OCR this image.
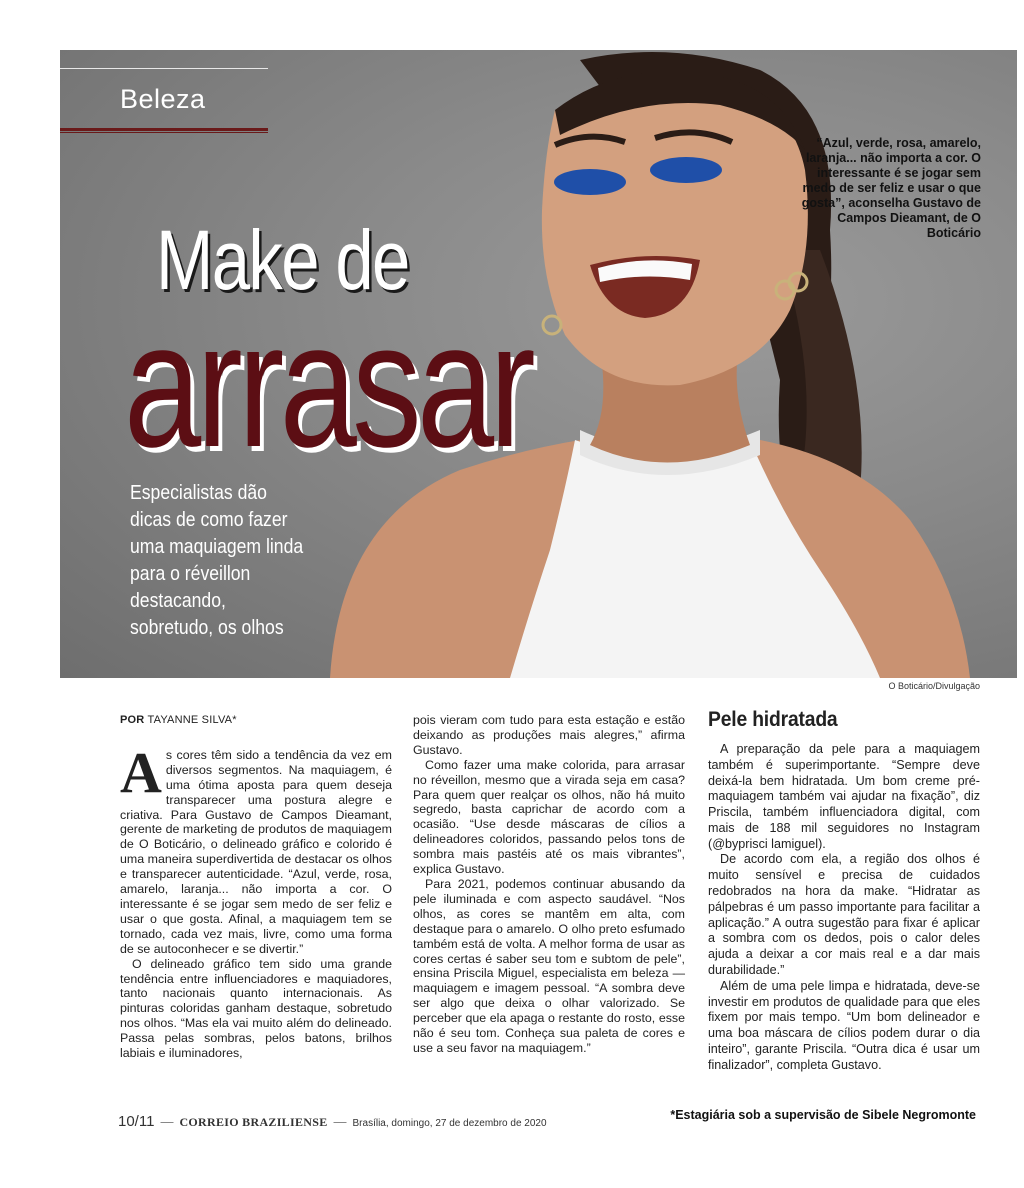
Beleza
Make de
arrasar
Especialistas dão dicas de como fazer uma maquiagem linda para o réveillon destacando, sobretudo, os olhos
“Azul, verde, rosa, amarelo, laranja... não importa a cor. O interessante é se jogar sem medo de ser feliz e usar o que gosta”, aconselha Gustavo de Campos Dieamant, de O Boticário
O Boticário/Divulgação
POR TAYANNE SILVA*

As cores têm sido a tendência da vez em diversos segmentos. Na maquiagem, é uma ótima aposta para quem deseja transparecer uma postura alegre e criativa. Para Gustavo de Campos Dieamant, gerente de marketing de produtos de maquiagem de O Boticário, o delineado gráfico e colorido é uma maneira superdivertida de destacar os olhos e transparecer autenticidade. “Azul, verde, rosa, amarelo, laranja... não importa a cor. O interessante é se jogar sem medo de ser feliz e usar o que gosta. Afinal, a maquiagem tem se tornado, cada vez mais, livre, como uma forma de se autoconhecer e se divertir.”

O delineado gráfico tem sido uma grande tendência entre influenciadores e maquiadores, tanto nacionais quanto internacionais. As pinturas coloridas ganham destaque, sobretudo nos olhos. “Mas ela vai muito além do delineado. Passa pelas sombras, pelos batons, brilhos labiais e iluminadores,

pois vieram com tudo para esta estação e estão deixando as produções mais alegres,” afirma Gustavo.

Como fazer uma make colorida, para arrasar no réveillon, mesmo que a virada seja em casa? Para quem quer realçar os olhos, não há muito segredo, basta caprichar de acordo com a ocasião. “Use desde máscaras de cílios a delineadores coloridos, passando pelos tons de sombra mais pastéis até os mais vibrantes”, explica Gustavo.

Para 2021, podemos continuar abusando da pele iluminada e com aspecto saudável. “Nos olhos, as cores se mantêm em alta, com destaque para o amarelo. O olho preto esfumado também está de volta. A melhor forma de usar as cores certas é saber seu tom e subtom de pele”, ensina Priscila Miguel, especialista em beleza — maquiagem e imagem pessoal. “A sombra deve ser algo que deixa o olhar valorizado. Se perceber que ela apaga o restante do rosto, esse não é seu tom. Conheça sua paleta de cores e use a seu favor na maquiagem.”

Pele hidratada

A preparação da pele para a maquiagem também é superimportante. “Sempre deve deixá-la bem hidratada. Um bom creme pré-maquiagem também vai ajudar na fixação”, diz Priscila, também influenciadora digital, com mais de 188 mil seguidores no Instagram (@byprisci lamiguel).

De acordo com ela, a região dos olhos é muito sensível e precisa de cuidados redobrados na hora da make. “Hidratar as pálpebras é um passo importante para facilitar a aplicação.” A outra sugestão para fixar é aplicar a sombra com os dedos, pois o calor deles ajuda a deixar a cor mais real e a dar mais durabilidade.”

Além de uma pele limpa e hidratada, deve-se investir em produtos de qualidade para que eles fixem por mais tempo. “Um bom delineador e uma boa máscara de cílios podem durar o dia inteiro”, garante Priscila. “Outra dica é usar um finalizador”, completa Gustavo.

10/11 — CORREIO BRAZILIENSE — Brasília, domingo, 27 de dezembro de 2020
*Estagiária sob a supervisão de Sibele Negromonte
